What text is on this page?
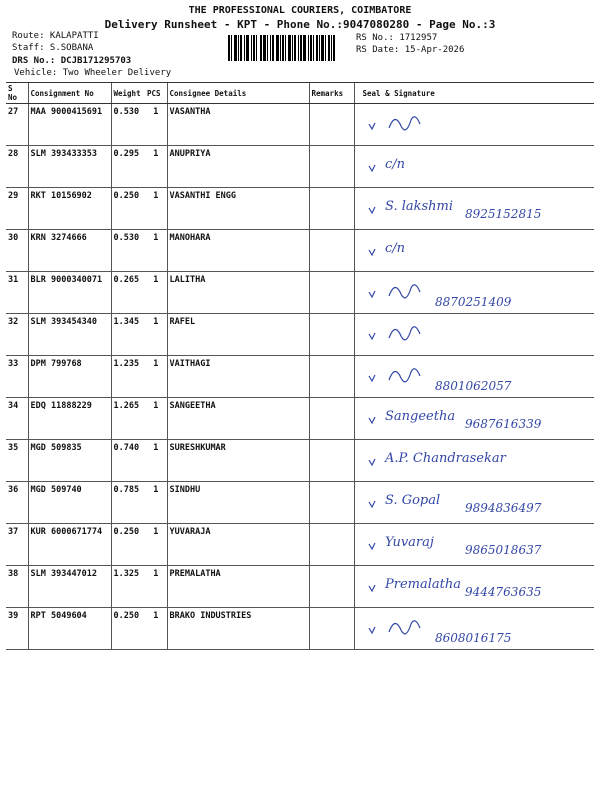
THE PROFESSIONAL COURIERS, COIMBATORE
Delivery Runsheet - KPT - Phone No.:9047080280 - Page No.:3
Route: KALAPATTI
Staff: S.SOBANA
DRS No.: DCJB171295703
Vehicle: Two Wheeler Delivery
RS No.: 1712957
RS Date: 15-Apr-2026
S No	Consignment No	Weight	PCS	Consignee Details	Remarks	Seal & Signature
27	MAA 9000415691	0.530	1	VASANTHA		

28	SLM 393433353	0.295	1	ANUPRIYA		c/n

29	RKT 10156902	0.250	1	VASANTHI ENGG		S. lakshmi 8925152815

30	KRN 3274666	0.530	1	MANOHARA		c/n

31	BLR 9000340071	0.265	1	LALITHA		8870251409

32	SLM 393454340	1.345	1	RAFEL		

33	DPM 799768	1.235	1	VAITHAGI		8801062057

34	EDQ 11888229	1.265	1	SANGEETHA		Sangeetha 9687616339

35	MGD 509835	0.740	1	SURESHKUMAR		A.P. Chandrasekar

36	MGD 509740	0.785	1	SINDHU		S. Gopal 9894836497

37	KUR 6000671774	0.250	1	YUVARAJA		Yuvaraj 9865018637

38	SLM 393447012	1.325	1	PREMALATHA		Premalatha 9444763635

39	RPT 5049604	0.250	1	BRAKO INDUSTRIES		8608016175
